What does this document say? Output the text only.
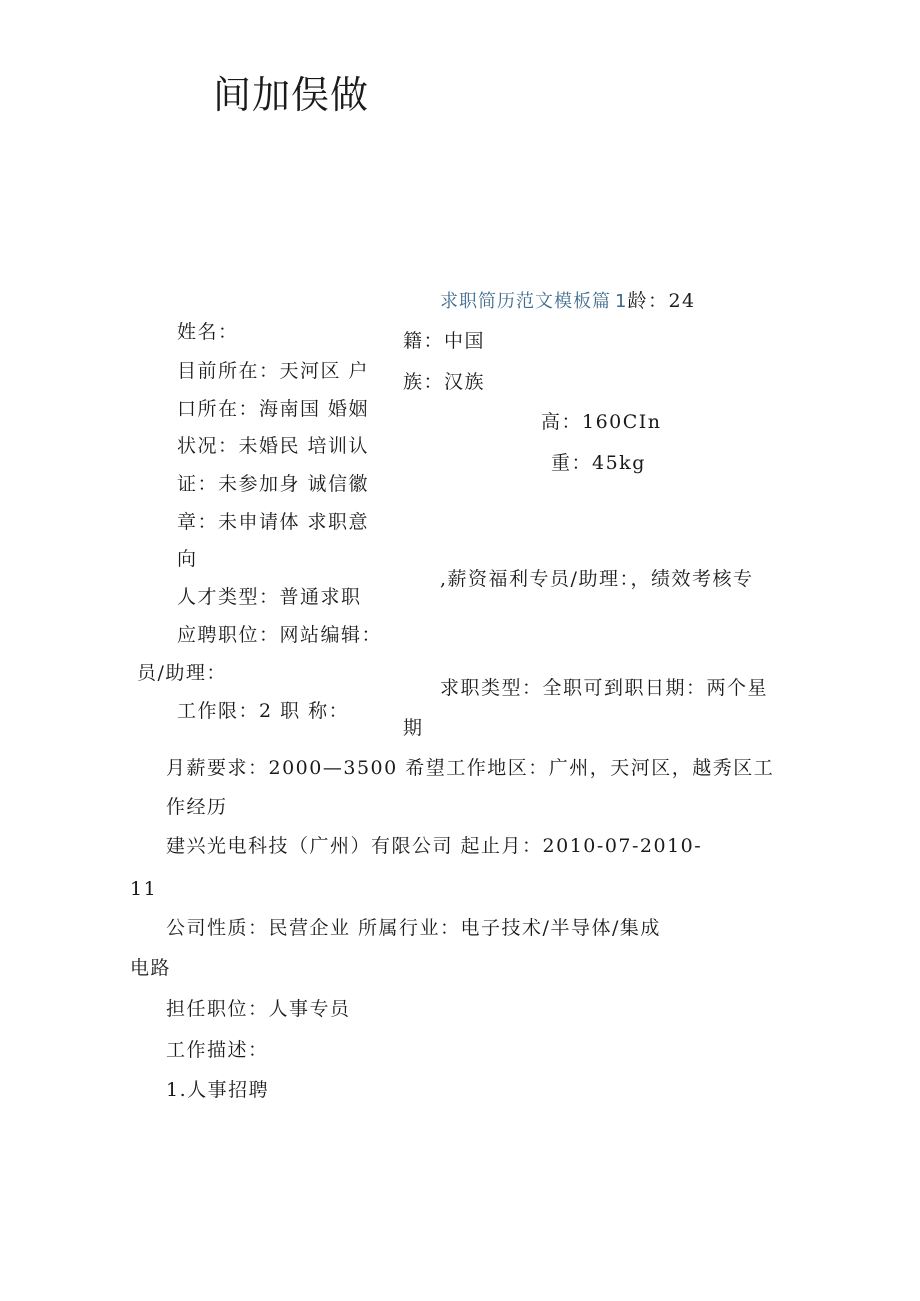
间加俣做
求职简历范文模板篇 1龄：24
姓名：
目前所在：天河区 户
口所在：海南国 婚姻
状况：未婚民 培训认
证：未参加身 诚信徽
章：未申请体 求职意
向
人才类型：普通求职
应聘职位：网站编辑：
员/助理：
工作限：2 职 称：
籍：中国
族：汉族
高：160CIn
重：45kg
,薪资福利专员/助理：，绩效考核专
求职类型：全职可到职日期：两个星
期
月薪要求：2000—3500 希望工作地区：广州，天河区，越秀区工
作经历
建兴光电科技（广州）有限公司 起止月：2010-07-2010-
11
公司性质：民营企业 所属行业：电子技术/半导体/集成
电路
担任职位：人事专员
工作描述：
1.人事招聘
